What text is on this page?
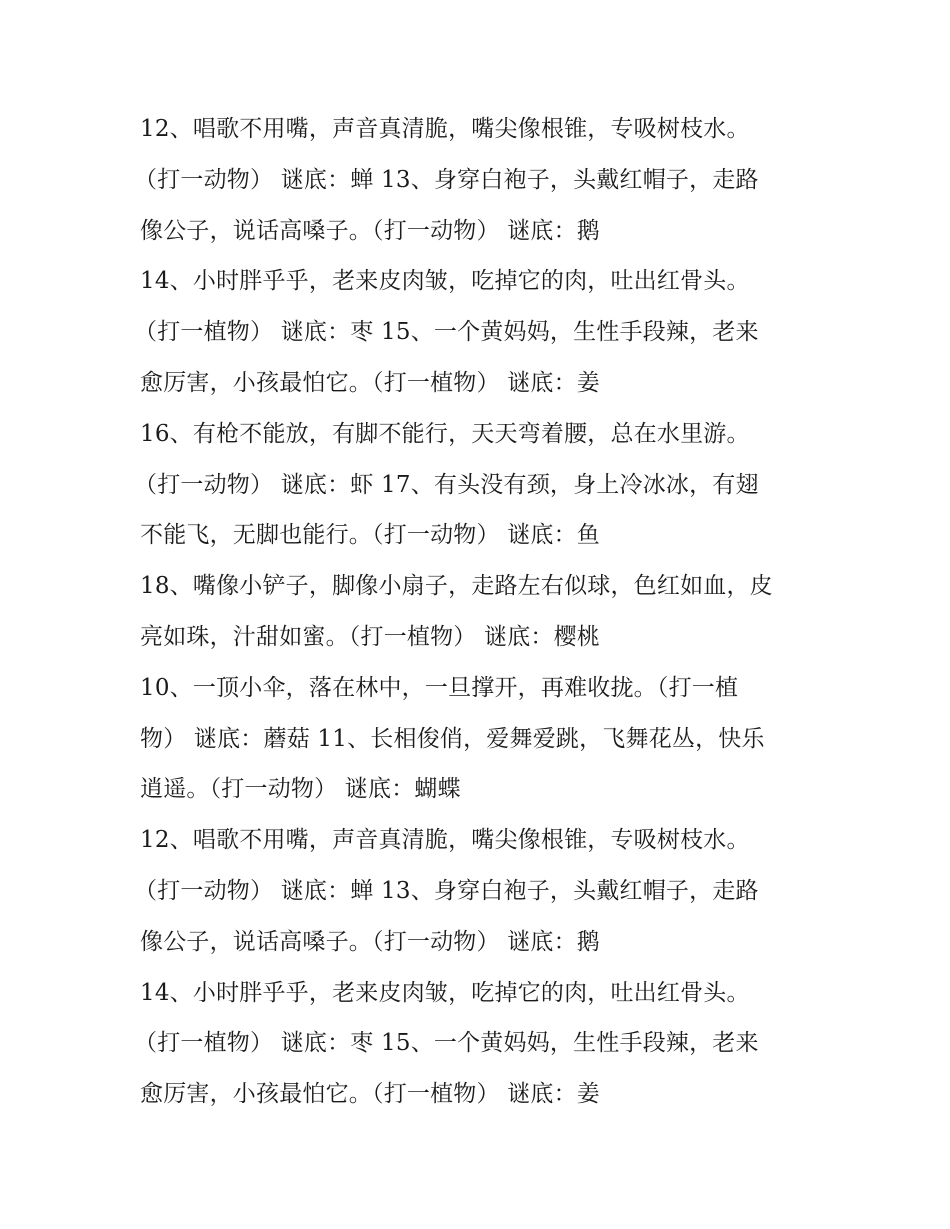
12、唱歌不用嘴，声音真清脆，嘴尖像根锥，专吸树枝水。
（打一动物） 谜底：蝉 13、身穿白袍子，头戴红帽子，走路
像公子，说话高嗓子。（打一动物） 谜底：鹅
14、小时胖乎乎，老来皮肉皱，吃掉它的肉，吐出红骨头。
（打一植物） 谜底：枣 15、一个黄妈妈，生性手段辣，老来
愈厉害，小孩最怕它。（打一植物） 谜底：姜
16、有枪不能放，有脚不能行，天天弯着腰，总在水里游。
（打一动物） 谜底：虾 17、有头没有颈，身上冷冰冰，有翅
不能飞，无脚也能行。（打一动物） 谜底：鱼
18、嘴像小铲子，脚像小扇子，走路左右似球，色红如血，皮
亮如珠，汁甜如蜜。（打一植物） 谜底：樱桃
10、一顶小伞，落在林中，一旦撑开，再难收拢。（打一植
物） 谜底：蘑菇 11、长相俊俏，爱舞爱跳，飞舞花丛，快乐
逍遥。（打一动物） 谜底：蝴蝶
12、唱歌不用嘴，声音真清脆，嘴尖像根锥，专吸树枝水。
（打一动物） 谜底：蝉 13、身穿白袍子，头戴红帽子，走路
像公子，说话高嗓子。（打一动物） 谜底：鹅
14、小时胖乎乎，老来皮肉皱，吃掉它的肉，吐出红骨头。
（打一植物） 谜底：枣 15、一个黄妈妈，生性手段辣，老来
愈厉害，小孩最怕它。（打一植物） 谜底：姜
